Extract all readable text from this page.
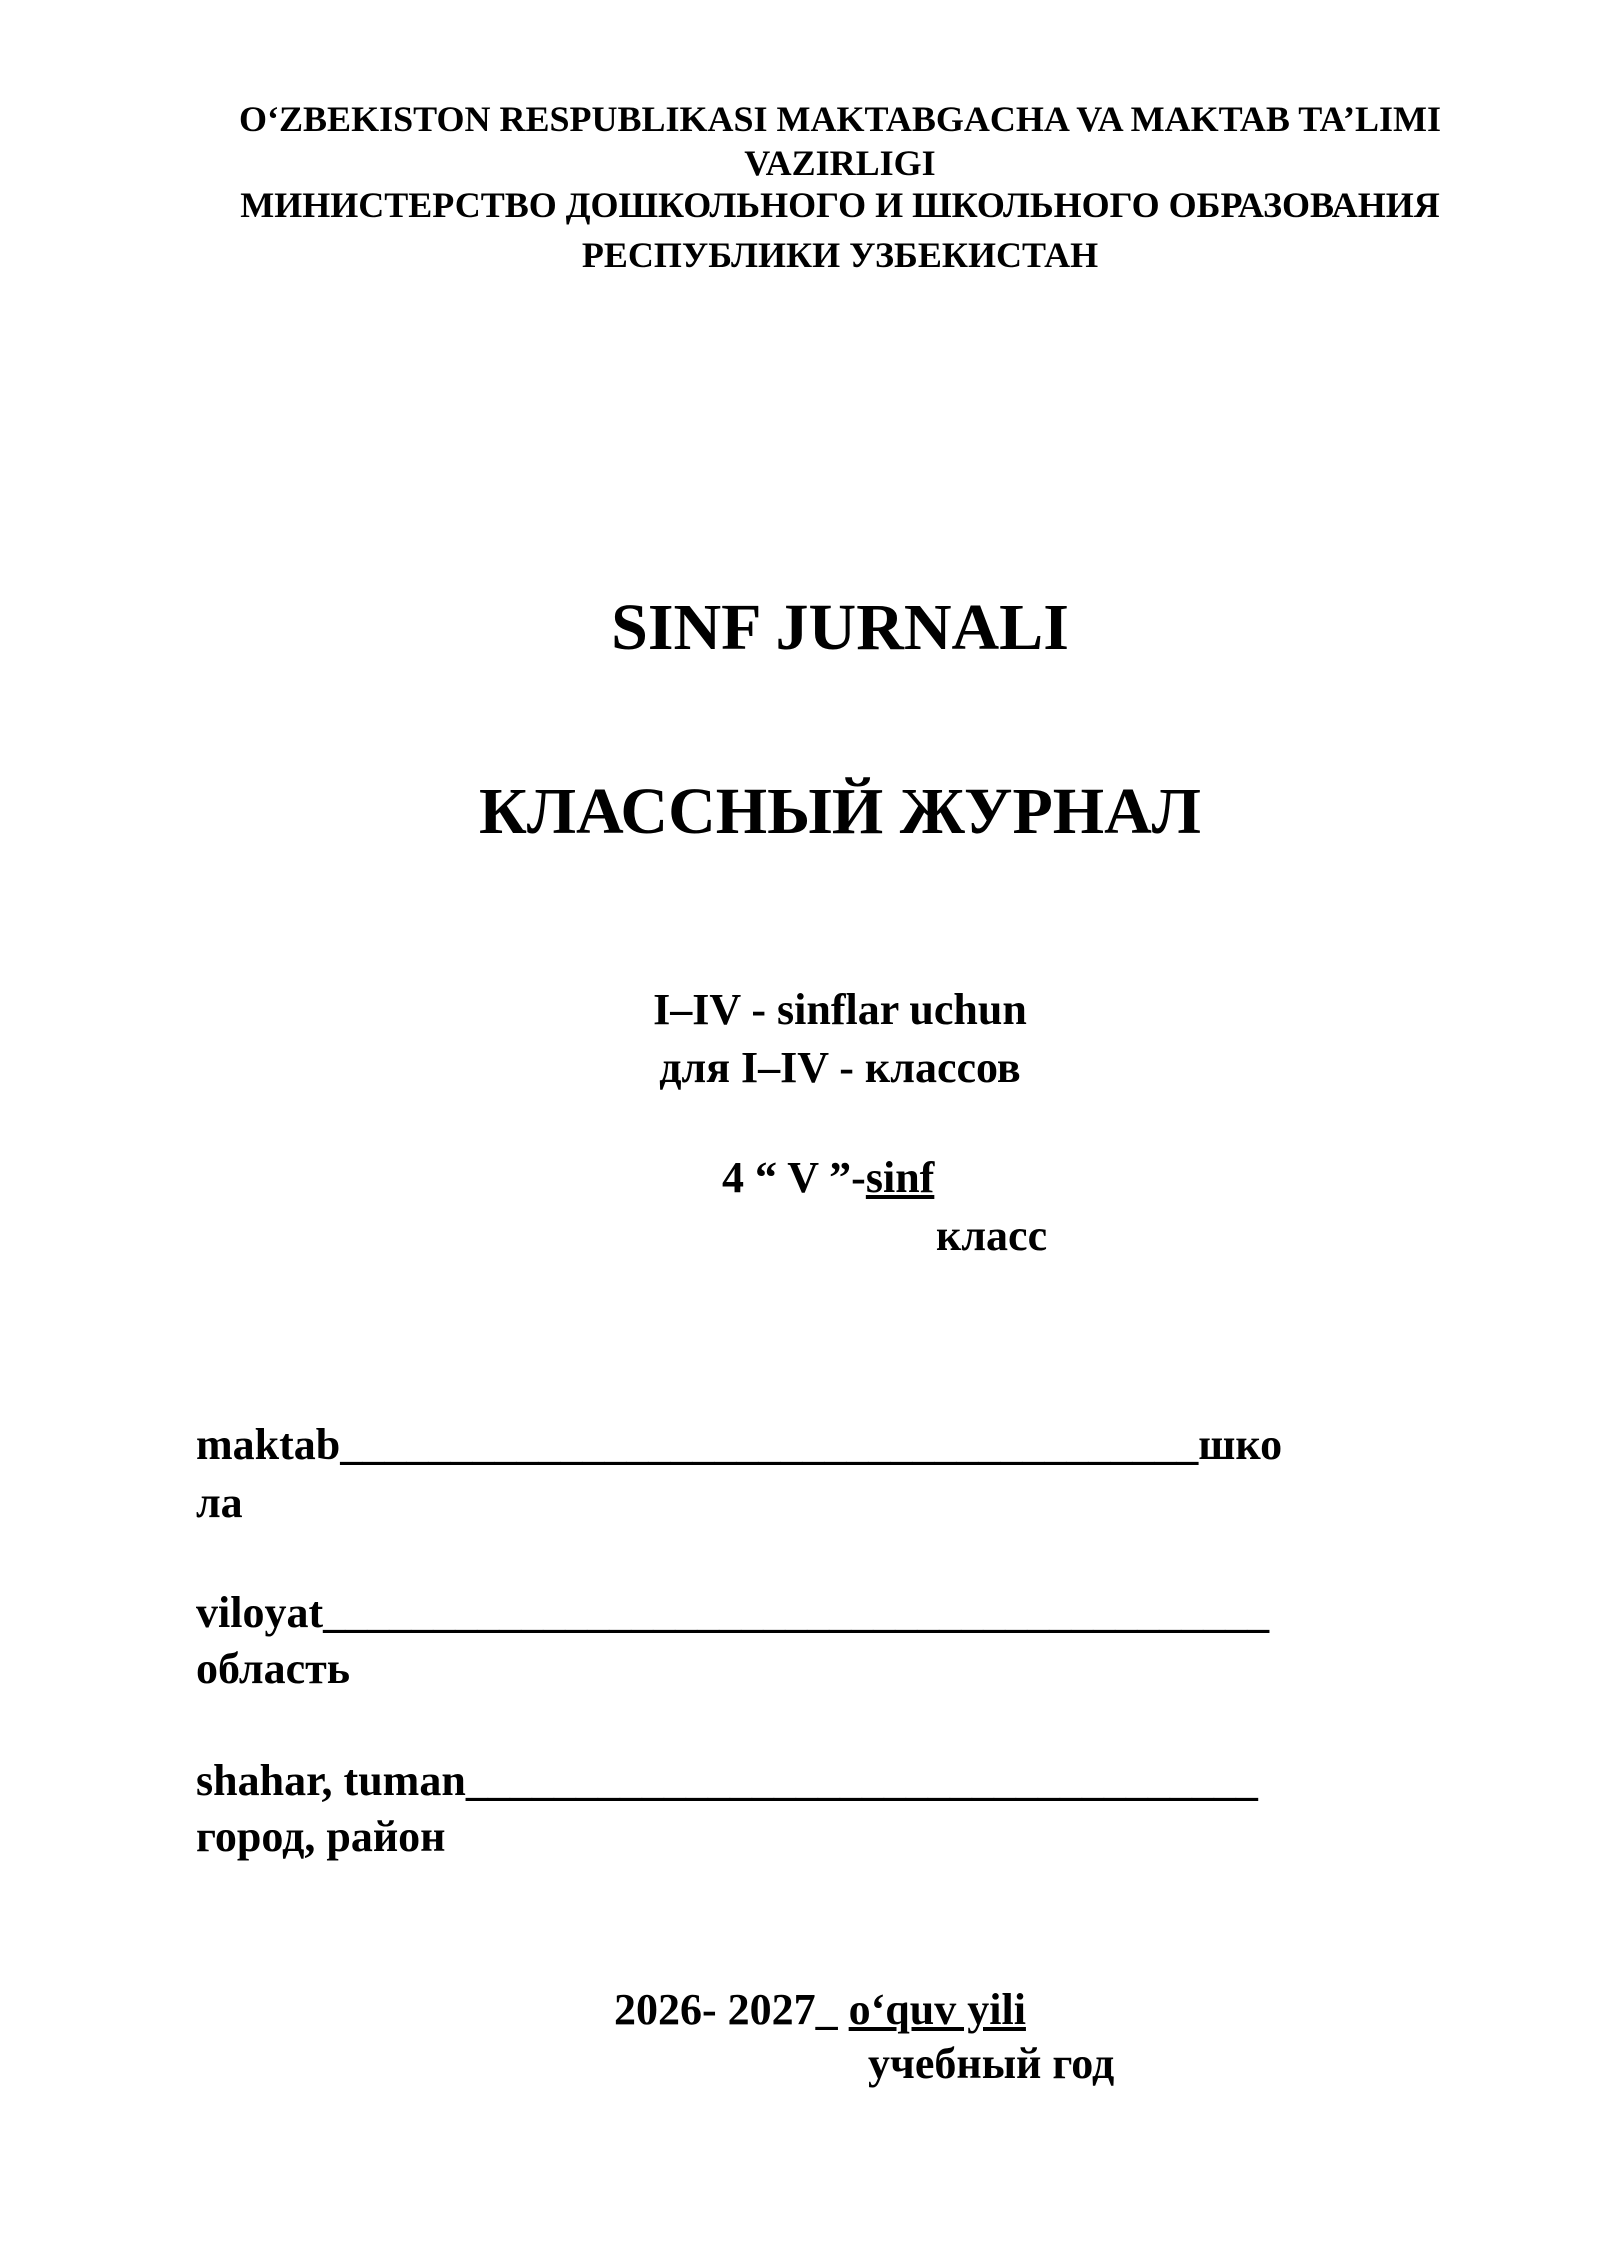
O‘ZBEKISTON RESPUBLIKASI MAKTABGACHA VA MAKTAB TA’LIMI
VAZIRLIGI
МИНИСТЕРСТВО ДОШКОЛЬНОГО И ШКОЛЬНОГО ОБРАЗОВАНИЯ
РЕСПУБЛИКИ УЗБЕКИСТАН
SINF JURNALI
КЛАССНЫЙ ЖУРНАЛ
I–IV - sinflar uchun
для I–IV - классов
4 “ V ”-sinf
класс
maktab_______________________________________шко
ла
viloyat___________________________________________
область
shahar, tuman____________________________________
город, район
2026- 2027_ o‘quv yili
учебный год
